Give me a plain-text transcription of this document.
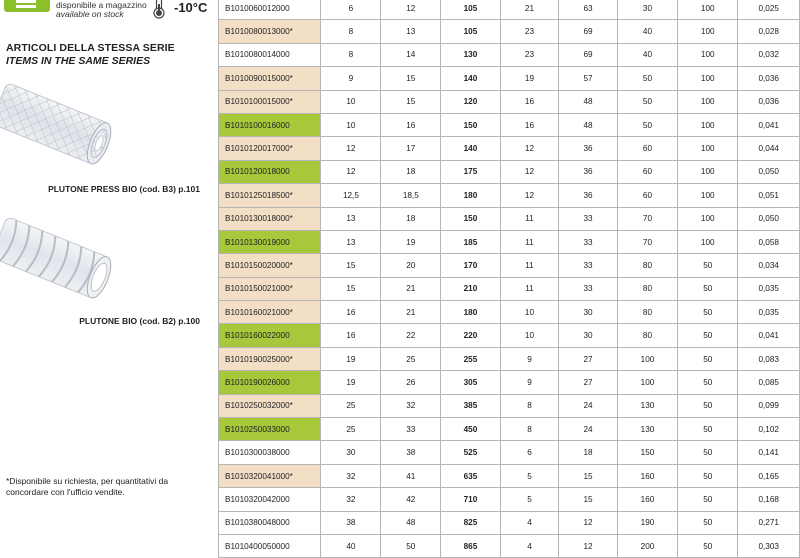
disponibile a magazzino
available on stock	-10°C
ARTICOLI DELLA STESSA SERIE
ITEMS IN THE SAME SERIES
PLUTONE PRESS BIO (cod. B3) p.101
PLUTONE BIO (cod. B2) p.100
*Disponibile su richiesta, per quantitativi da concordare con l'ufficio vendite.
B1010060012000	6	12	105	21	63	30	100	0,025
B1010080013000*	8	13	105	23	69	40	100	0,028
B1010080014000	8	14	130	23	69	40	100	0,032
B1010090015000*	9	15	140	19	57	50	100	0,036
B1010100015000*	10	15	120	16	48	50	100	0,036
B1010100016000	10	16	150	16	48	50	100	0,041
B1010120017000*	12	17	140	12	36	60	100	0,044
B1010120018000	12	18	175	12	36	60	100	0,050
B1010125018500*	12,5	18,5	180	12	36	60	100	0,051
B1010130018000*	13	18	150	11	33	70	100	0,050
B1010130019000	13	19	185	11	33	70	100	0,058
B1010150020000*	15	20	170	11	33	80	50	0,034
B1010150021000*	15	21	210	11	33	80	50	0,035
B1010160021000*	16	21	180	10	30	80	50	0,035
B1010160022000	16	22	220	10	30	80	50	0,041
B1010190025000*	19	25	255	9	27	100	50	0,083
B1010190026000	19	26	305	9	27	100	50	0,085
B1010250032000*	25	32	385	8	24	130	50	0,099
B1010250033000	25	33	450	8	24	130	50	0,102
B1010300038000	30	38	525	6	18	150	50	0,141
B1010320041000*	32	41	635	5	15	160	50	0,165
B1010320042000	32	42	710	5	15	160	50	0,168
B1010380048000	38	48	825	4	12	190	50	0,271
B1010400050000	40	50	865	4	12	200	50	0,303
